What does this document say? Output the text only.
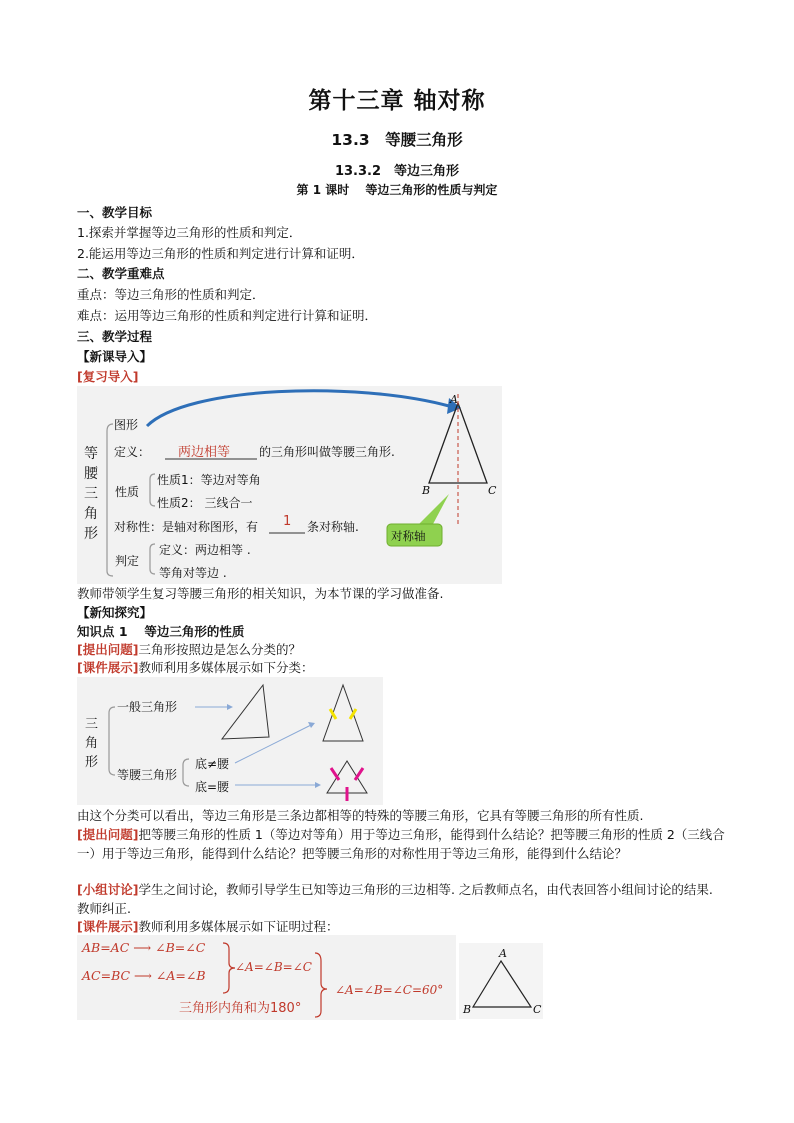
第十三章 轴对称
13.3　等腰三角形
13.3.2　等边三角形
第 1 课时　 等边三角形的性质与判定
一、教学目标
1.探索并掌握等边三角形的性质和判定．
2.能运用等边三角形的性质和判定进行计算和证明．
二、教学重难点
重点：等边三角形的性质和判定．
难点：运用等边三角形的性质和判定进行计算和证明．
三、教学过程
【新课导入】
[复习导入]
等腰三角形
图形
定义： 两边相等 的三角形叫做等腰三角形.
性质
性质1：等边对等角
性质2： 三线合一
对称性：是轴对称图形，有 1 条对称轴.
判定
定义：两边相等 .
等角对等边 .
A
B	C
对称轴
教师带领学生复习等腰三角形的相关知识，为本节课的学习做准备.
【新知探究】
知识点 1　 等边三角形的性质
[提出问题]三角形按照边是怎么分类的？
[课件展示]教师利用多媒体展示如下分类：
三角形
一般三角形
等腰三角形
底≠腰
底=腰
由这个分类可以看出，等边三角形是三条边都相等的特殊的等腰三角形，它具有等腰三角形的所有性质.
[提出问题]把等腰三角形的性质 1（等边对等角）用于等边三角形，能得到什么结论？把等腰三角形的性质 2（三线合一）用于等边三角形，能得到什么结论？把等腰三角形的对称性用于等边三角形，能得到什么结论？
[小组讨论]学生之间讨论，教师引导学生已知等边三角形的三边相等. 之后教师点名，由代表回答小组间讨论的结果. 教师纠正.
[课件展示]教师利用多媒体展示如下证明过程：
AB=AC ⟶ ∠B=∠C
AC=BC ⟶ ∠A=∠B
∠A=∠B=∠C
三角形内角和为180°
∠A=∠B=∠C=60°
A
B	C
